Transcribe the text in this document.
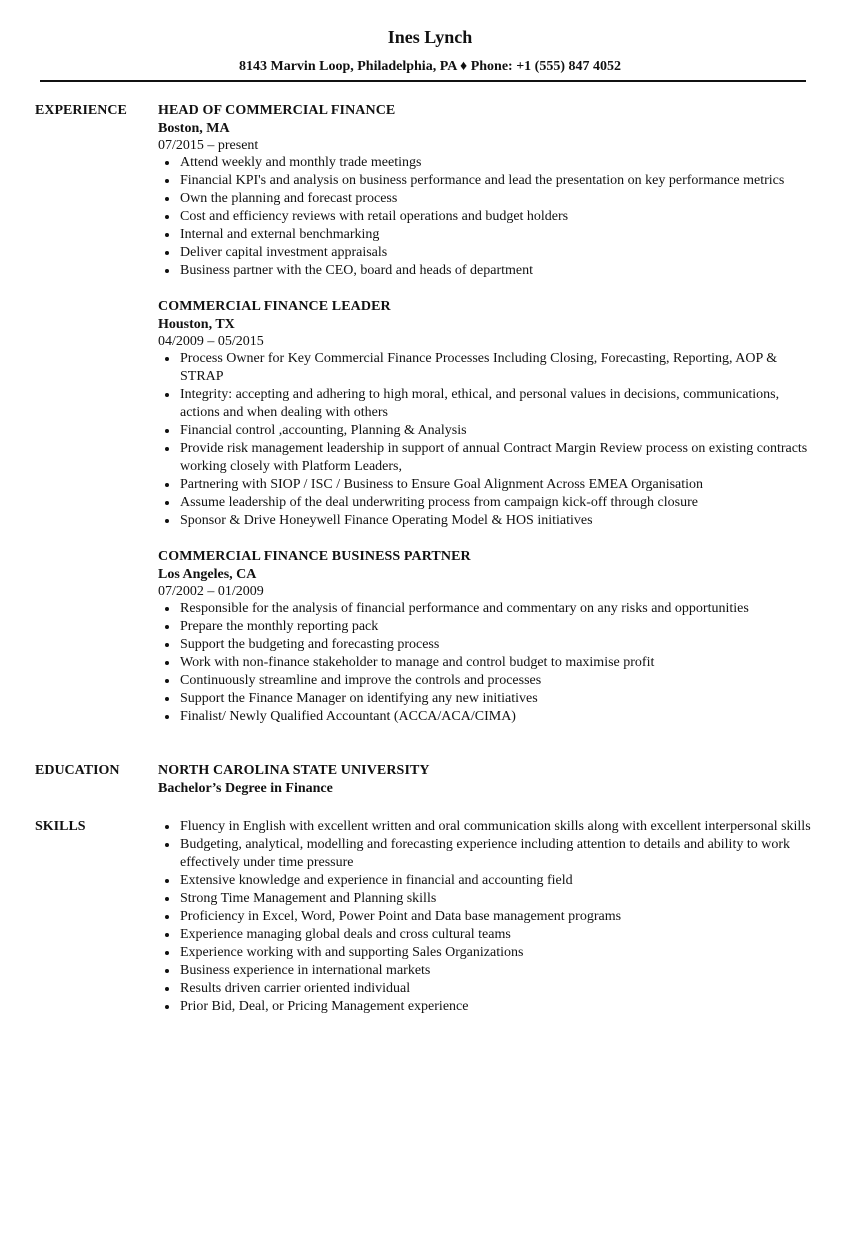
Ines Lynch
8143 Marvin Loop, Philadelphia, PA ♦ Phone: +1 (555) 847 4052
EXPERIENCE	HEAD OF COMMERCIAL FINANCE
Boston, MA
07/2015 – present
Attend weekly and monthly trade meetings
Financial KPI's and analysis on business performance and lead the presentation on key performance metrics
Own the planning and forecast process
Cost and efficiency reviews with retail operations and budget holders
Internal and external benchmarking
Deliver capital investment appraisals
Business partner with the CEO, board and heads of department
COMMERCIAL FINANCE LEADER
Houston, TX
04/2009 – 05/2015
Process Owner for Key Commercial Finance Processes Including Closing, Forecasting, Reporting, AOP & STRAP
Integrity: accepting and adhering to high moral, ethical, and personal values in decisions, communications, actions and when dealing with others
Financial control ,accounting, Planning & Analysis
Provide risk management leadership in support of annual Contract Margin Review process on existing contracts working closely with Platform Leaders,
Partnering with SIOP / ISC / Business to Ensure Goal Alignment Across EMEA Organisation
Assume leadership of the deal underwriting process from campaign kick-off through closure
Sponsor & Drive Honeywell Finance Operating Model & HOS initiatives
COMMERCIAL FINANCE BUSINESS PARTNER
Los Angeles, CA
07/2002 – 01/2009
Responsible for the analysis of financial performance and commentary on any risks and opportunities
Prepare the monthly reporting pack
Support the budgeting and forecasting process
Work with non-finance stakeholder to manage and control budget to maximise profit
Continuously streamline and improve the controls and processes
Support the Finance Manager on identifying any new initiatives
Finalist/ Newly Qualified Accountant (ACCA/ACA/CIMA)
EDUCATION	NORTH CAROLINA STATE UNIVERSITY
Bachelor’s Degree in Finance
SKILLS	Fluency in English with excellent written and oral communication skills along with excellent interpersonal skills
Budgeting, analytical, modelling and forecasting experience including attention to details and ability to work effectively under time pressure
Extensive knowledge and experience in financial and accounting field
Strong Time Management and Planning skills
Proficiency in Excel, Word, Power Point and Data base management programs
Experience managing global deals and cross cultural teams
Experience working with and supporting Sales Organizations
Business experience in international markets
Results driven carrier oriented individual
Prior Bid, Deal, or Pricing Management experience
